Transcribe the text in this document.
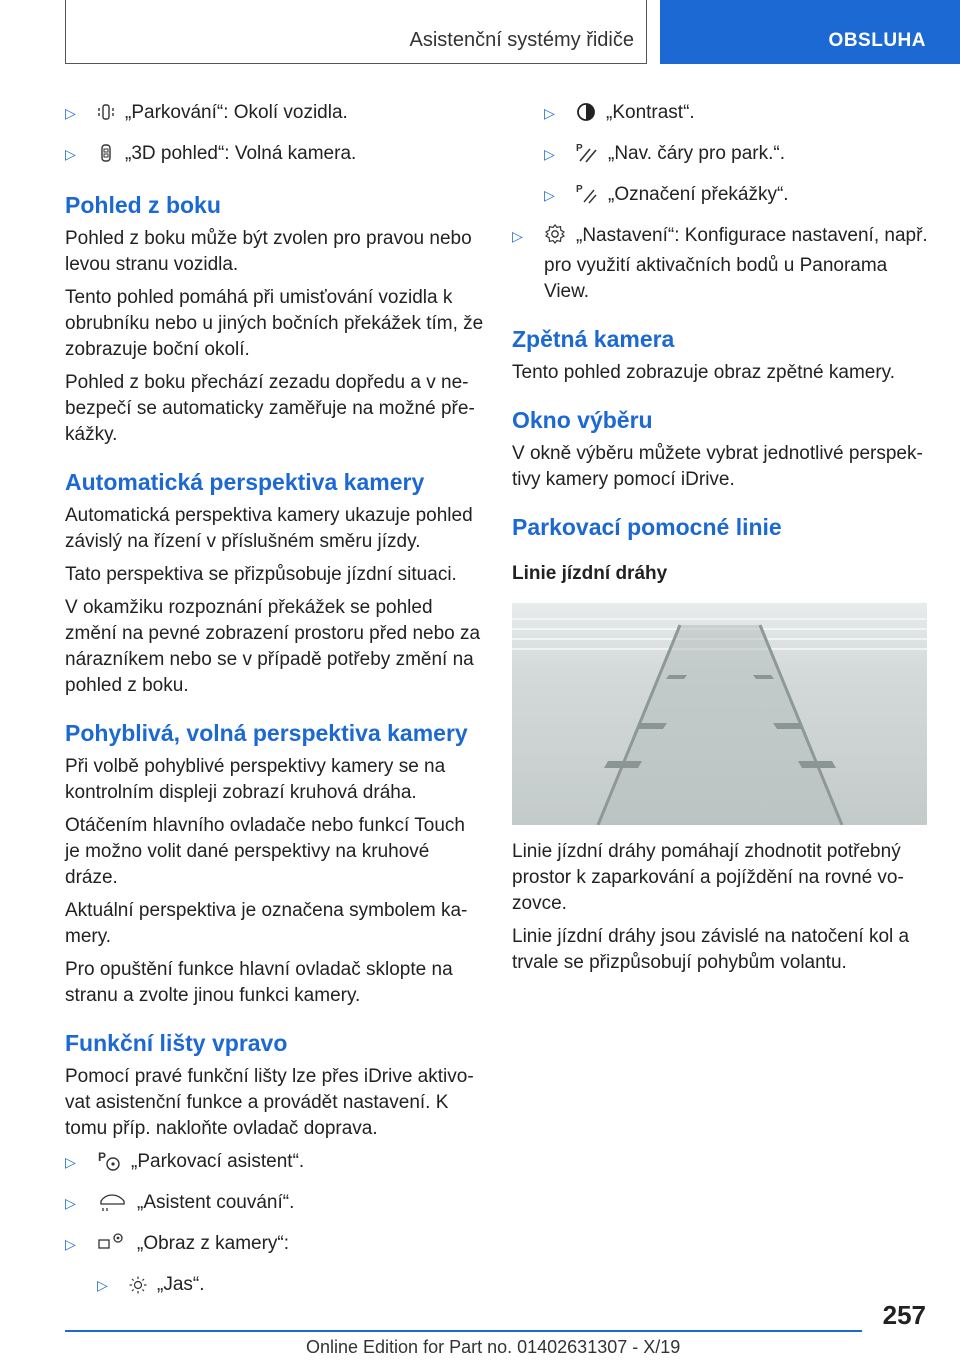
Asistenční systémy řidiče	OBSLUHA
▷	„Parkování“: Okolí vozidla.
▷	„3D pohled“: Volná kamera.
Pohled z boku

Pohled z boku může být zvolen pro pravou nebo levou stranu vozidla.

Tento pohled pomáhá při umisťování vozidla k obrubníku nebo u jiných bočních překážek tím, že zobrazuje boční okolí.

Pohled z boku přechází zezadu dopředu a v nebezpečí se automaticky zaměřuje na možné překážky.

Automatická perspektiva kamery

Automatická perspektiva kamery ukazuje pohled závislý na řízení v příslušném směru jízdy.

Tato perspektiva se přizpůsobuje jízdní situaci.

V okamžiku rozpoznání překážek se pohled změní na pevné zobrazení prostoru před nebo za nárazníkem nebo se v případě potřeby změní na pohled z boku.

Pohyblivá, volná perspektiva kamery

Při volbě pohyblivé perspektivy kamery se na kontrolním displeji zobrazí kruhová dráha.

Otáčením hlavního ovladače nebo funkcí Touch je možno volit dané perspektivy na kruhové dráze.

Aktuální perspektiva je označena symbolem kamery.

Pro opuštění funkce hlavní ovladač sklopte na stranu a zvolte jinou funkci kamery.

Funkční lišty vpravo

Pomocí pravé funkční lišty lze přes iDrive aktivovat asistenční funkce a provádět nastavení. K tomu příp. nakloňte ovladač doprava.

▷ P „Parkovací asistent“.
▷	„Asistent couvání“.
▷	„Obraz z kamery“:
▷	„Jas“.
▷	„Kontrast“.
▷ P „Nav. čáry pro park.“.
▷ P „Označení překážky“.
▷	„Nastavení“: Konfigurace nastavení, např. pro využití aktivačních bodů u Panorama View.
Zpětná kamera

Tento pohled zobrazuje obraz zpětné kamery.

Okno výběru

V okně výběru můžete vybrat jednotlivé perspektivy kamery pomocí iDrive.

Parkovací pomocné linie
Linie jízdní dráhy

Linie jízdní dráhy pomáhají zhodnotit potřebný prostor k zaparkování a pojíždění na rovné vozovce.

Linie jízdní dráhy jsou závislé na natočení kol a trvale se přizpůsobují pohybům volantu.

257
Online Edition for Part no. 01402631307 - X/19
